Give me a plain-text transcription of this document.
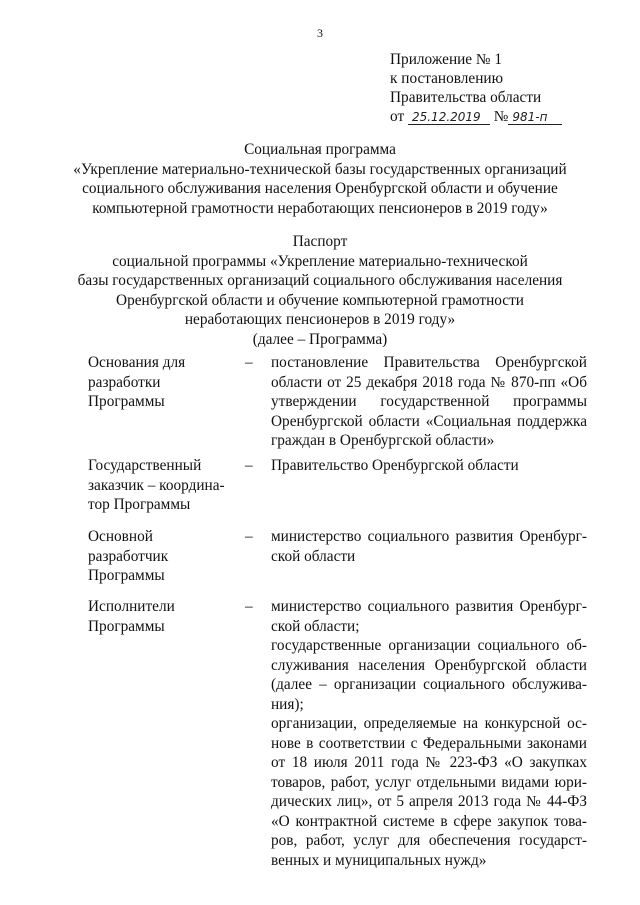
3
Приложение № 1
к постановлению
Правительства области
от 25.12.2019 № 981-п
Социальная программа
«Укрепление материально-технической базы государственных организаций
социального обслуживания населения Оренбургской области и обучение
компьютерной грамотности неработающих пенсионеров в 2019 году»
Паспорт
социальной программы «Укрепление материально-технической
базы государственных организаций социального обслуживания населения
Оренбургской области и обучение компьютерной грамотности
неработающих пенсионеров в 2019 году»
(далее – Программа)
Основания для
разработки
Программы
– постановление Правительства Оренбургской
области от 25 декабря 2018 года № 870-пп «Об
утверждении государственной программы
Оренбургской области «Социальная поддержка
граждан в Оренбургской области»
Государственный
заказчик – координа-
тор Программы
– Правительство Оренбургской области
Основной
разработчик
Программы
– министерство социального развития Оренбург-
ской области
Исполнители
Программы
– министерство социального развития Оренбург-
ской области;
государственные организации социального об-
служивания населения Оренбургской области
(далее – организации социального обслужива-
ния);
организации, определяемые на конкурсной ос-
нове в соответствии с Федеральными законами
от 18 июля 2011 года № 223-ФЗ «О закупках
товаров, работ, услуг отдельными видами юри-
дических лиц», от 5 апреля 2013 года № 44-ФЗ
«О контрактной системе в сфере закупок това-
ров, работ, услуг для обеспечения государст-
венных и муниципальных нужд»
